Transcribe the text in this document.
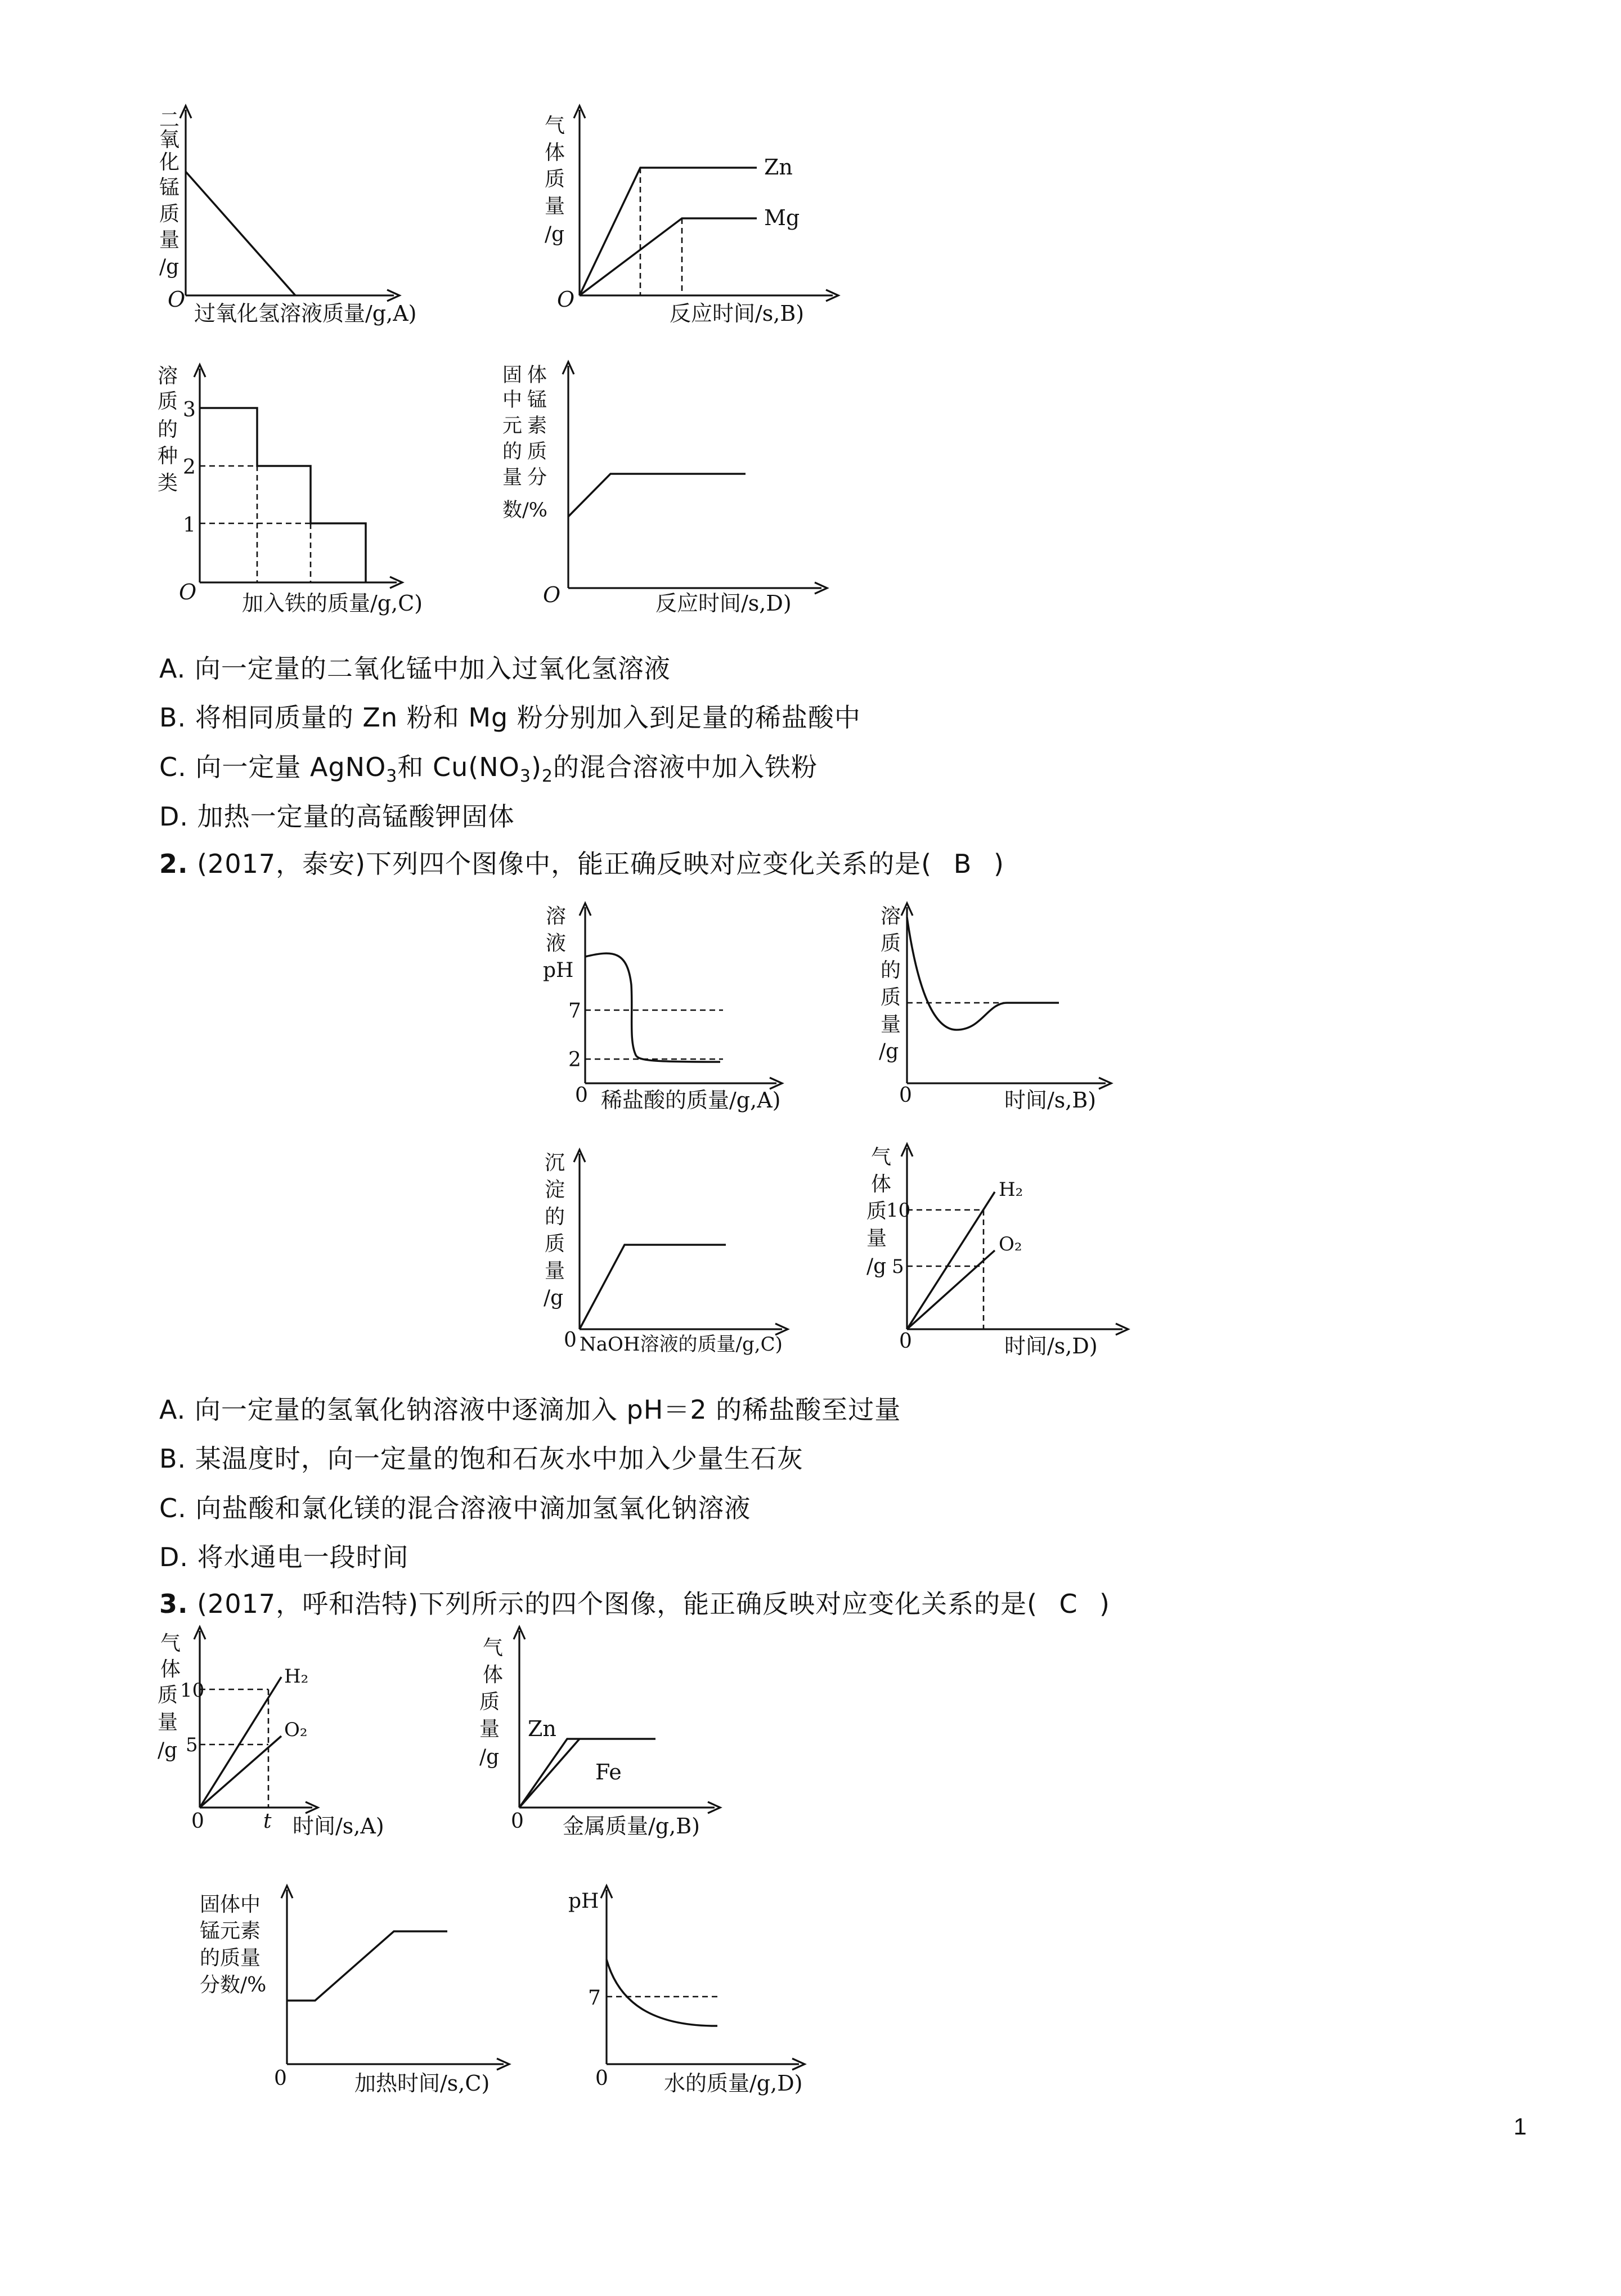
二
氧
化
锰
质
量
/g
O
过氧化氢溶液质量/g,A)
Zn
Mg
气
体
质
量
/g
O
反应时间/s,B)
3
2
1
溶
质
的
种
类
O 加入铁的质量/g,C)
固 体
中 锰
元 素
的 质
量 分
数/%
O	反应时间/s,D)
7
2
溶
液
pH
0 稀盐酸的质量/g,A)
溶
质
的
质
量
/g
0	时间/s,B)
沉
淀
的
质
量
/g
0 NaOH溶液的质量/g,C)
10
5
H₂
O₂
气
体
质
量
/g
0	时间/s,D)
10
5
H₂
O₂
气
体
质
量
/g
0	t 时间/s,A)
Zn
Fe
气
体
质
量
/g
0 金属质量/g,B)
固体中
锰元素
的质量
分数/%
0	加热时间/s,C)
7
pH
0	水的质量/g,D)
A. 向一定量的二氧化锰中加入过氧化氢溶液
B. 将相同质量的 Zn 粉和 Mg 粉分别加入到足量的稀盐酸中
C. 向一定量 AgNO$_3$和 $Cu(NO_3)_2$的混合溶液中加入铁粉
D. 加热一定量的高锰酸钾固体
2. (2017，泰安)下列四个图像中，能正确反映对应变化关系的是( B )
A. 向一定量的氢氧化钠溶液中逐滴加入 pH＝2 的稀盐酸至过量
B. 某温度时，向一定量的饱和石灰水中加入少量生石灰
C. 向盐酸和氯化镁的混合溶液中滴加氢氧化钠溶液
D. 将水通电一段时间
3. (2017，呼和浩特)下列所示的四个图像，能正确反映对应变化关系的是( C )
1
